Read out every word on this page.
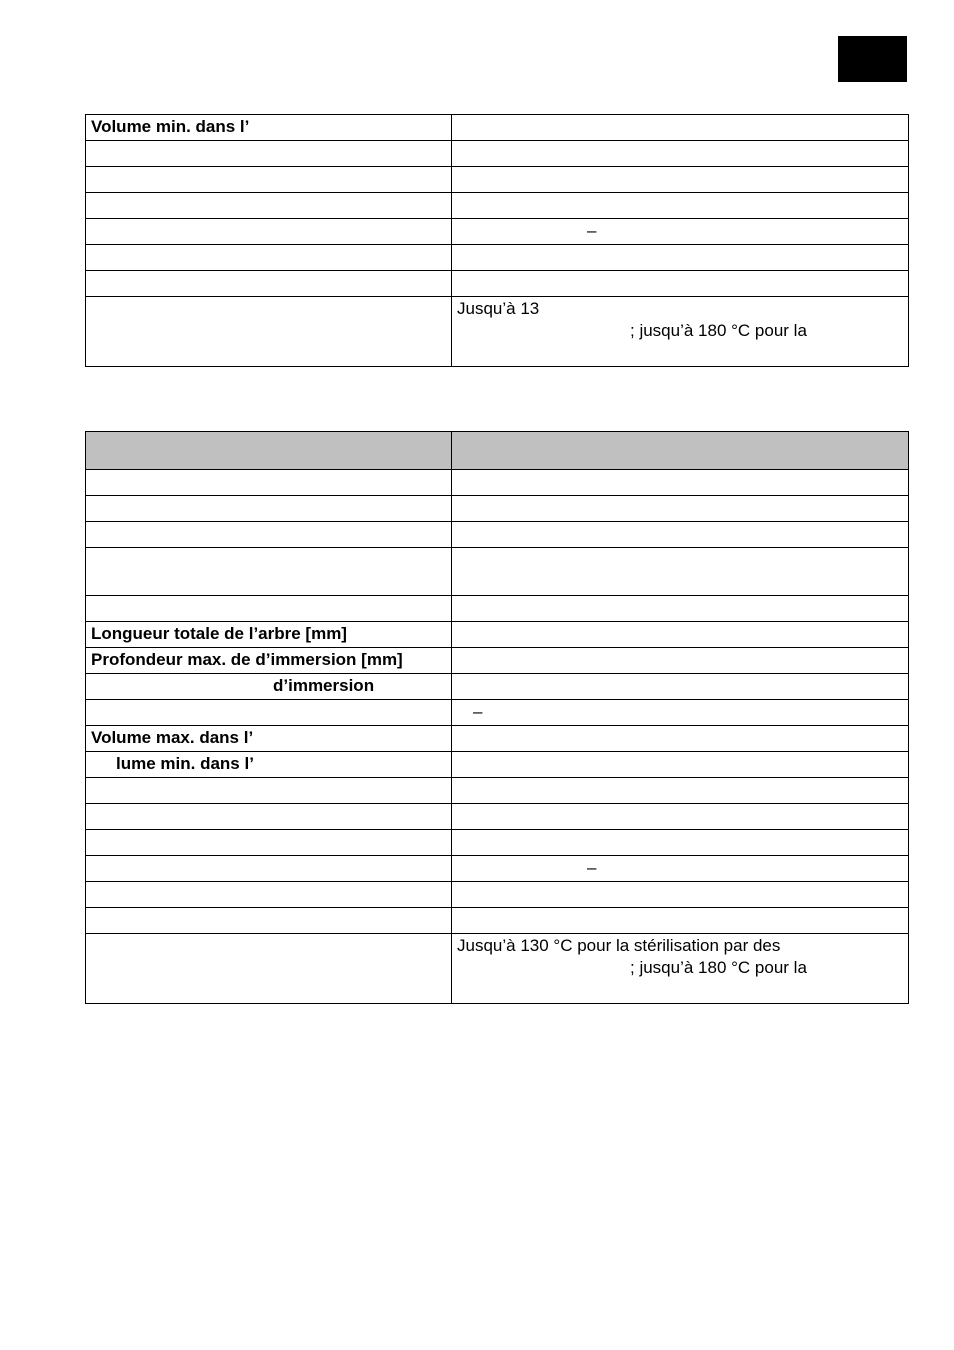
Volume min. dans l’	

	–

	Jusqu’à 13
; jusqu’à 180 °C pour la

Longueur totale de l’arbre [mm]	
Profondeur max. de d’immersion [mm]	
d’immersion	
	–
Volume max. dans l’	
lume min. dans l’	

	–

	Jusqu’à 130 °C pour la stérilisation par des
; jusqu’à 180 °C pour la
